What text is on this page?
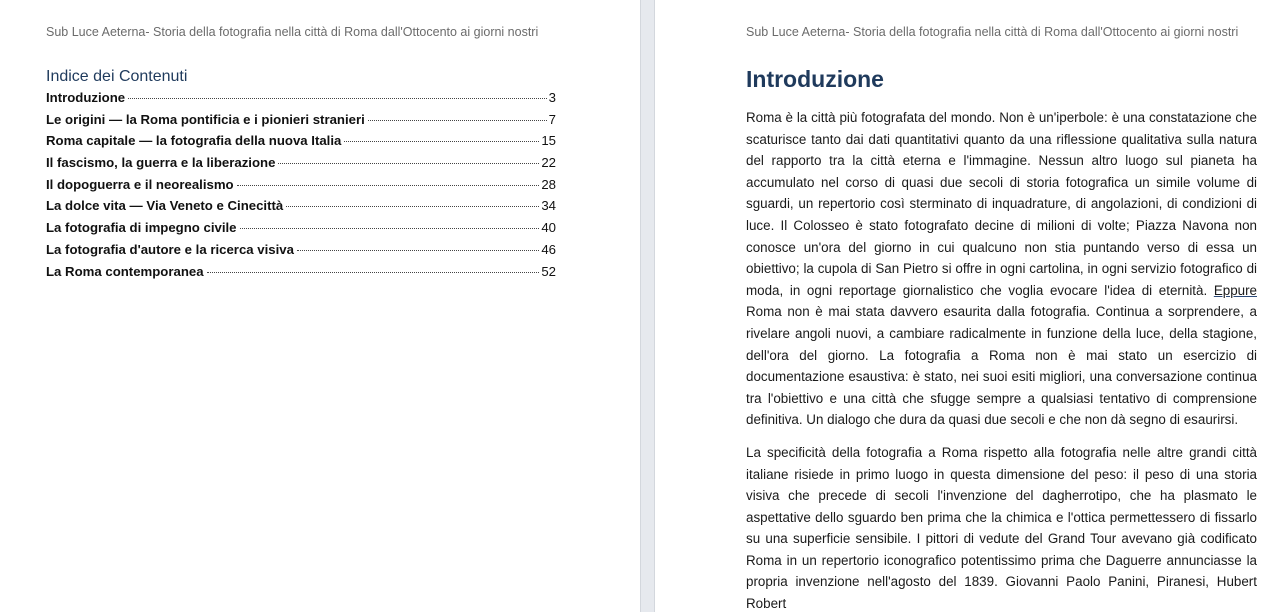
Sub Luce Aeterna- Storia della fotografia nella città di Roma dall'Ottocento ai giorni nostri
Indice dei Contenuti
Introduzione	3
Le origini — la Roma pontificia e i pionieri stranieri	7
Roma capitale — la fotografia della nuova Italia	15
Il fascismo, la guerra e la liberazione	22
Il dopoguerra e il neorealismo	28
La dolce vita — Via Veneto e Cinecittà	34
La fotografia di impegno civile	40
La fotografia d'autore e la ricerca visiva	46
La Roma contemporanea	52
Sub Luce Aeterna- Storia della fotografia nella città di Roma dall'Ottocento ai giorni nostri
Introduzione

Roma è la città più fotografata del mondo. Non è un'iperbole: è una constatazione che scaturisce tanto dai dati quantitativi quanto da una riflessione qualitativa sulla natura del rapporto tra la città eterna e l'immagine. Nessun altro luogo sul pianeta ha accumulato nel corso di quasi due secoli di storia fotografica un simile volume di sguardi, un repertorio così sterminato di inquadrature, di angolazioni, di condizioni di luce. Il Colosseo è stato fotografato decine di milioni di volte; Piazza Navona non conosce un'ora del giorno in cui qualcuno non stia puntando verso di essa un obiettivo; la cupola di San Pietro si offre in ogni cartolina, in ogni servizio fotografico di moda, in ogni reportage giornalistico che voglia evocare l'idea di eternità. Eppure Roma non è mai stata davvero esaurita dalla fotografia. Continua a sorprendere, a rivelare angoli nuovi, a cambiare radicalmente in funzione della luce, della stagione, dell'ora del giorno. La fotografia a Roma non è mai stato un esercizio di documentazione esaustiva: è stato, nei suoi esiti migliori, una conversazione continua tra l'obiettivo e una città che sfugge sempre a qualsiasi tentativo di comprensione definitiva. Un dialogo che dura da quasi due secoli e che non dà segno di esaurirsi.

La specificità della fotografia a Roma rispetto alla fotografia nelle altre grandi città italiane risiede in primo luogo in questa dimensione del peso: il peso di una storia visiva che precede di secoli l'invenzione del dagherrotipo, che ha plasmato le aspettative dello sguardo ben prima che la chimica e l'ottica permettessero di fissarlo su una superficie sensibile. I pittori di vedute del Grand Tour avevano già codificato Roma in un repertorio iconografico potentissimo prima che Daguerre annunciasse la propria invenzione nell'agosto del 1839. Giovanni Paolo Panini, Piranesi, Hubert Robert
